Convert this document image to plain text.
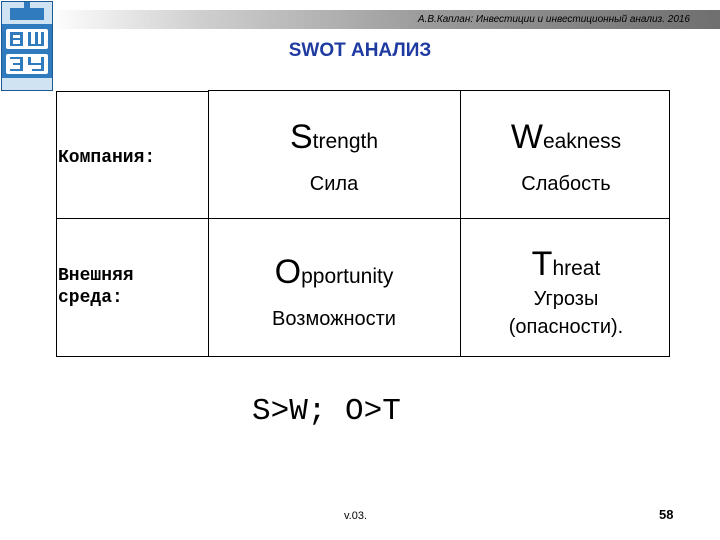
А.В.Каплан: Инвестиции и инвестиционный анализ. 2016
SWOT АНАЛИЗ
Компания:
Внешняя
среда:
Strength
Сила
Weakness
Слабость
Opportunity
Возможности
Threat
Угрозы
(опасности).
S>W; O>T
v.03.	58
